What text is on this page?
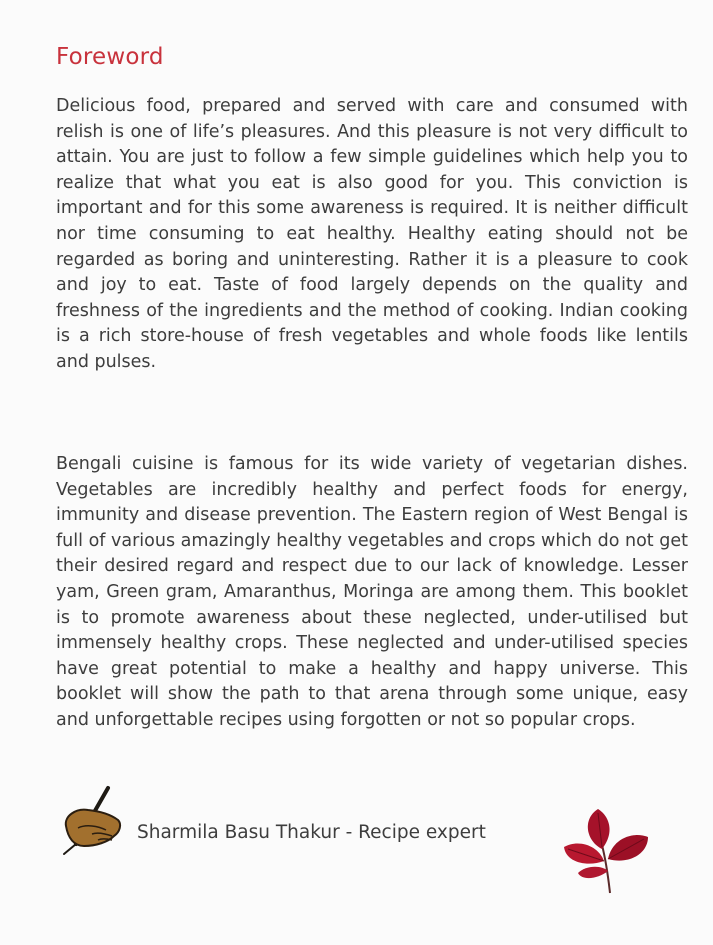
Foreword
Delicious food, prepared and served with care and consumed with relish is one of life’s pleasures. And this pleasure is not very difficult to attain. You are just to follow a few simple guidelines which help you to realize that what you eat is also good for you. This conviction is important and for this some awareness is required. It is neither difficult nor time consuming to eat healthy. Healthy eating should not be regarded as boring and uninteresting. Rather it is a pleasure to cook and joy to eat. Taste of food largely depends on the quality and freshness of the ingredients and the method of cooking. Indian cooking is a rich store-house of fresh vegetables and whole foods like lentils and pulses.
Bengali cuisine is famous for its wide variety of vegetarian dishes. Vegetables are incredibly healthy and perfect foods for energy, immunity and disease prevention. The Eastern region of West Bengal is full of various amazingly healthy vegetables and crops which do not get their desired regard and respect due to our lack of knowledge. Lesser yam, Green gram, Amaranthus, Moringa are among them. This booklet is to promote awareness about these neglected, under-utilised but immensely healthy crops. These neglected and under-utilised species have great potential to make a healthy and happy universe. This booklet will show the path to that arena through some unique, easy and unforgettable recipes using forgotten or not so popular crops.
Sharmila Basu Thakur - Recipe expert
